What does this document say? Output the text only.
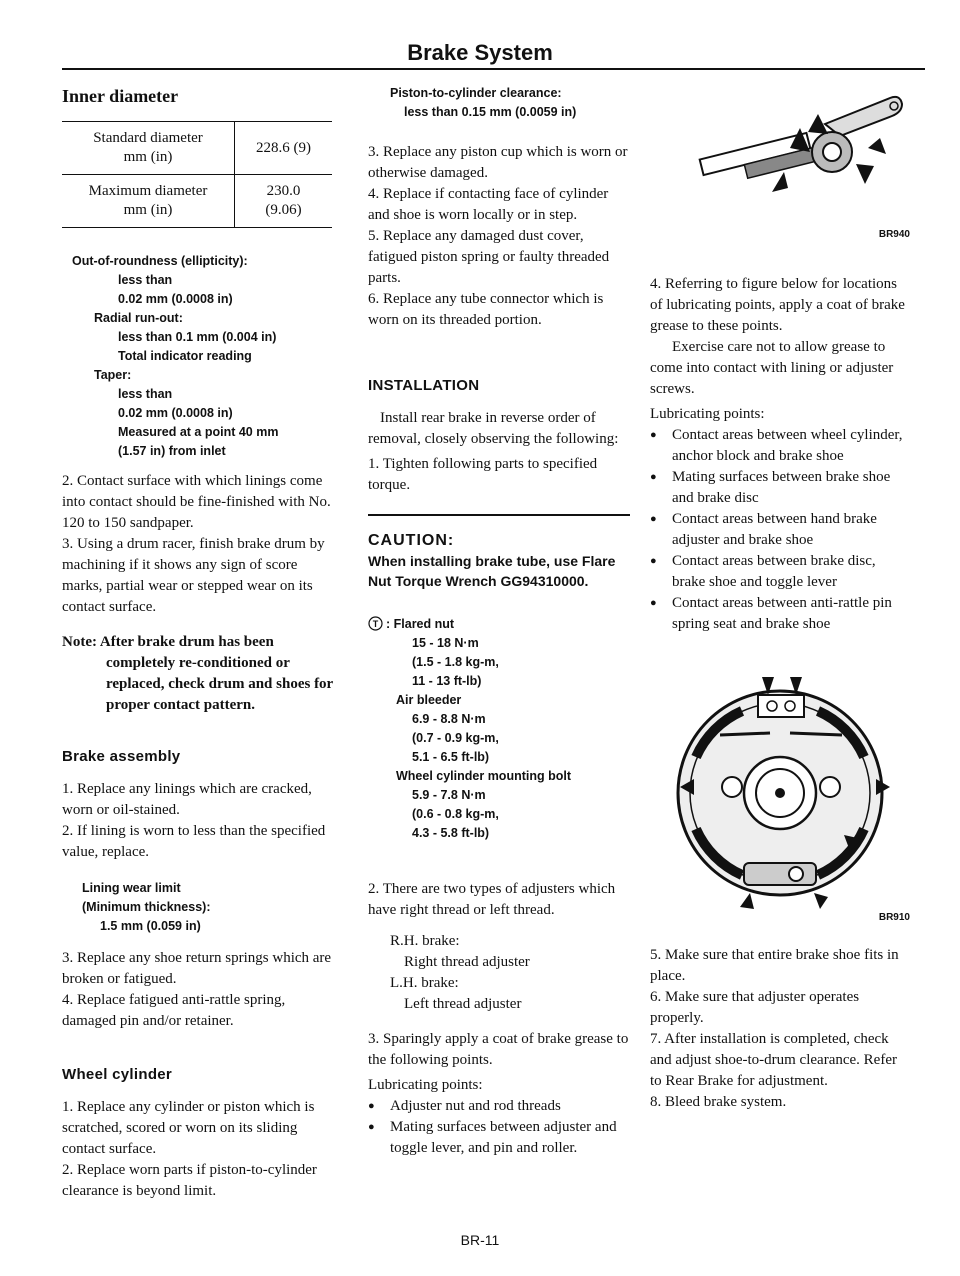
Brake System
Inner diameter
Standard diameter
mm (in)	228.6 (9)
Maximum diameter
mm (in)	230.0
(9.06)
Out-of-roundness (ellipticity):
less than
0.02 mm (0.0008 in)
Radial run-out:
less than 0.1 mm (0.004 in)
Total indicator reading
Taper:
less than
0.02 mm (0.0008 in)
Measured at a point 40 mm
(1.57 in) from inlet

2. Contact surface with which linings come into contact should be fine-finished with No. 120 to 150 sandpaper.

3. Using a drum racer, finish brake drum by machining if it shows any sign of score marks, partial wear or stepped wear on its contact surface.

Note: After brake drum has been completely re-conditioned or replaced, check drum and shoes for proper contact pattern.

Brake assembly

1. Replace any linings which are cracked, worn or oil-stained.

2. If lining is worn to less than the specified value, replace.

Lining wear limit
(Minimum thickness):
1.5 mm (0.059 in)

3. Replace any shoe return springs which are broken or fatigued.

4. Replace fatigued anti-rattle spring, damaged pin and/or retainer.

Wheel cylinder

1. Replace any cylinder or piston which is scratched, scored or worn on its sliding contact surface.

2. Replace worn parts if piston-to-cylinder clearance is beyond limit.

Piston-to-cylinder clearance:
less than 0.15 mm (0.0059 in)

3. Replace any piston cup which is worn or otherwise damaged.

4. Replace if contacting face of cylinder and shoe is worn locally or in step.

5. Replace any damaged dust cover, fatigued piston spring or faulty threaded parts.

6. Replace any tube connector which is worn on its threaded portion.

INSTALLATION

Install rear brake in reverse order of removal, closely observing the following:

1. Tighten following parts to specified torque.

CAUTION:
When installing brake tube, use Flare Nut Torque Wrench GG94310000.
T : Flared nut
15 - 18 N·m
(1.5 - 1.8 kg-m,
11 - 13 ft-lb)
Air bleeder
6.9 - 8.8 N·m
(0.7 - 0.9 kg-m,
5.1 - 6.5 ft-lb)
Wheel cylinder mounting bolt
5.9 - 7.8 N·m
(0.6 - 0.8 kg-m,
4.3 - 5.8 ft-lb)

2. There are two types of adjusters which have right thread or left thread.

R.H. brake:
Right thread adjuster
L.H. brake:
Left thread adjuster

3. Sparingly apply a coat of brake grease to the following points.

Lubricating points:

● Adjuster nut and rod threads
● Mating surfaces between adjuster and toggle lever, and pin and roller.
BR940

4. Referring to figure below for locations of lubricating points, apply a coat of brake grease to these points.

Exercise care not to allow grease to come into contact with lining or adjuster screws.

Lubricating points:

● Contact areas between wheel cylinder, anchor block and brake shoe
● Mating surfaces between brake shoe and brake disc
● Contact areas between hand brake adjuster and brake shoe
● Contact areas between brake disc, brake shoe and toggle lever
● Contact areas between anti-rattle pin spring seat and brake shoe
BR910

5. Make sure that entire brake shoe fits in place.

6. Make sure that adjuster operates properly.

7. After installation is completed, check and adjust shoe-to-drum clearance. Refer to Rear Brake for adjustment.

8. Bleed brake system.

BR-11
